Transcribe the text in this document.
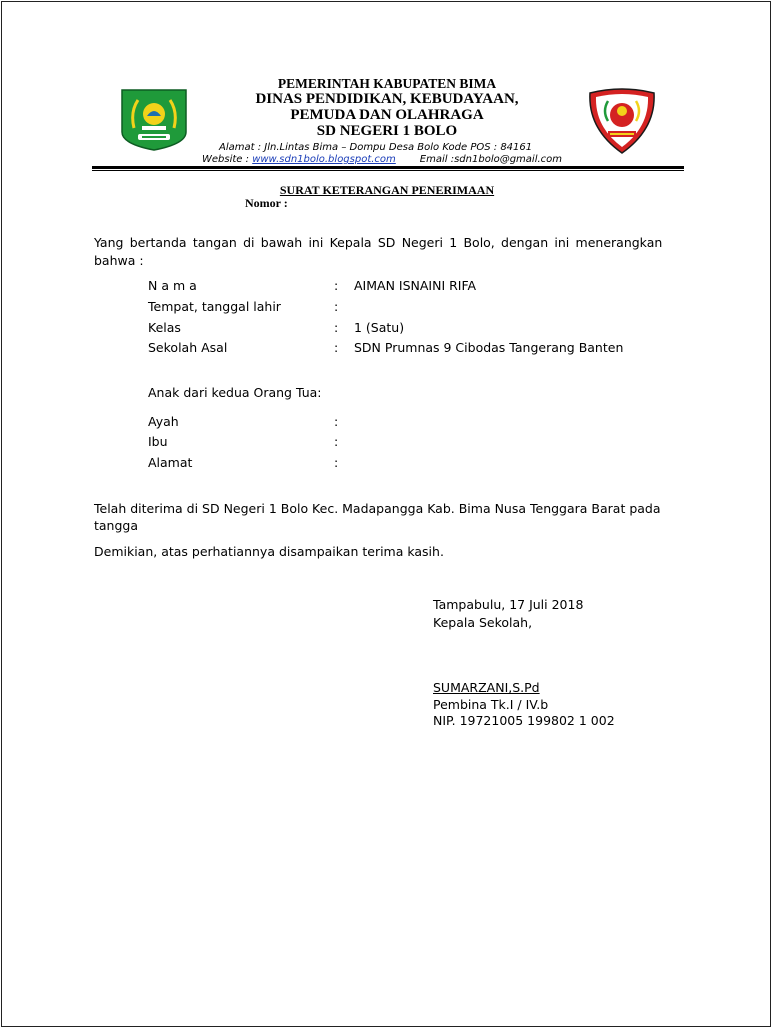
PEMERINTAH KABUPATEN BIMA
DINAS PENDIDIKAN, KEBUDAYAAN,
PEMUDA DAN OLAHRAGA
SD NEGERI 1 BOLO
Alamat : Jln.Lintas Bima – Dompu Desa Bolo Kode POS : 84161
Website : www.sdn1bolo.blogspot.com Email :sdn1bolo@gmail.com
SURAT KETERANGAN PENERIMAAN
Nomor :
Yang bertanda tangan di bawah ini Kepala SD Negeri 1 Bolo, dengan ini menerangkan
bahwa :
N a m a	: AIMAN ISNAINI RIFA
Tempat, tanggal lahir	:
Kelas	: 1 (Satu)
Sekolah Asal	: SDN Prumnas 9 Cibodas Tangerang Banten
Anak dari kedua Orang Tua:
Ayah	:
Ibu	:
Alamat	:
Telah diterima di SD Negeri 1 Bolo Kec. Madapangga Kab. Bima Nusa Tenggara Barat pada
tangga
Demikian, atas perhatiannya disampaikan terima kasih.
Tampabulu, 17 Juli 2018
Kepala Sekolah,
SUMARZANI,S.Pd
Pembina Tk.I / IV.b
NIP. 19721005 199802 1 002
